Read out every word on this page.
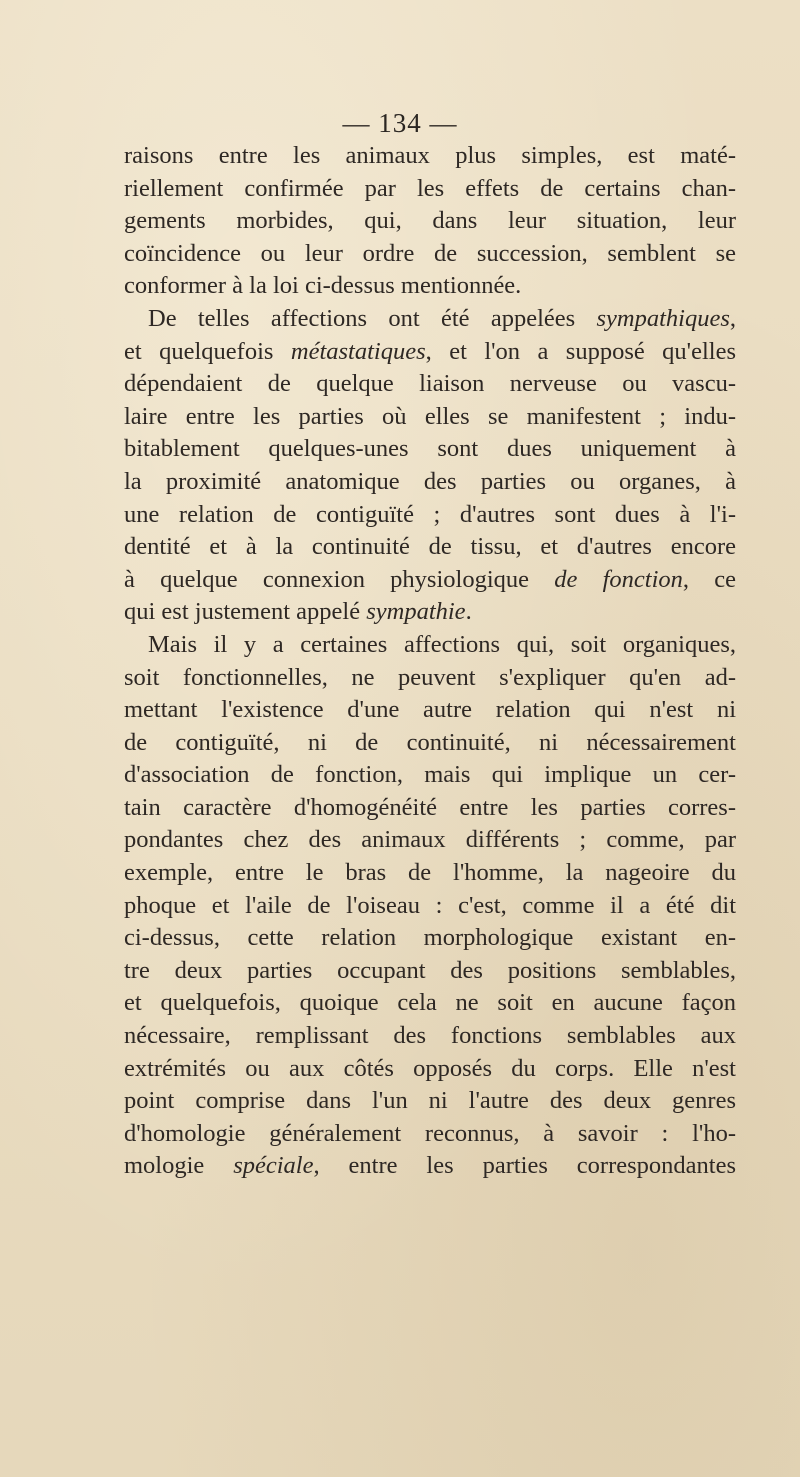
— 134 —
raisons entre les animaux plus simples, est maté-
riellement confirmée par les effets de certains chan-
gements morbides, qui, dans leur situation, leur
coïncidence ou leur ordre de succession, semblent se
conformer à la loi ci-dessus mentionnée.
De telles affections ont été appelées sympathiques,
et quelquefois métastatiques, et l'on a supposé qu'elles
dépendaient de quelque liaison nerveuse ou vascu-
laire entre les parties où elles se manifestent ; indu-
bitablement quelques-unes sont dues uniquement à
la proximité anatomique des parties ou organes, à
une relation de contiguïté ; d'autres sont dues à l'i-
dentité et à la continuité de tissu, et d'autres encore
à quelque connexion physiologique de fonction, ce
qui est justement appelé sympathie.
Mais il y a certaines affections qui, soit organiques,
soit fonctionnelles, ne peuvent s'expliquer qu'en ad-
mettant l'existence d'une autre relation qui n'est ni
de contiguïté, ni de continuité, ni nécessairement
d'association de fonction, mais qui implique un cer-
tain caractère d'homogénéité entre les parties corres-
pondantes chez des animaux différents ; comme, par
exemple, entre le bras de l'homme, la nageoire du
phoque et l'aile de l'oiseau : c'est, comme il a été dit
ci-dessus, cette relation morphologique existant en-
tre deux parties occupant des positions semblables,
et quelquefois, quoique cela ne soit en aucune façon
nécessaire, remplissant des fonctions semblables aux
extrémités ou aux côtés opposés du corps. Elle n'est
point comprise dans l'un ni l'autre des deux genres
d'homologie généralement reconnus, à savoir : l'ho-
mologie spéciale, entre les parties correspondantes
